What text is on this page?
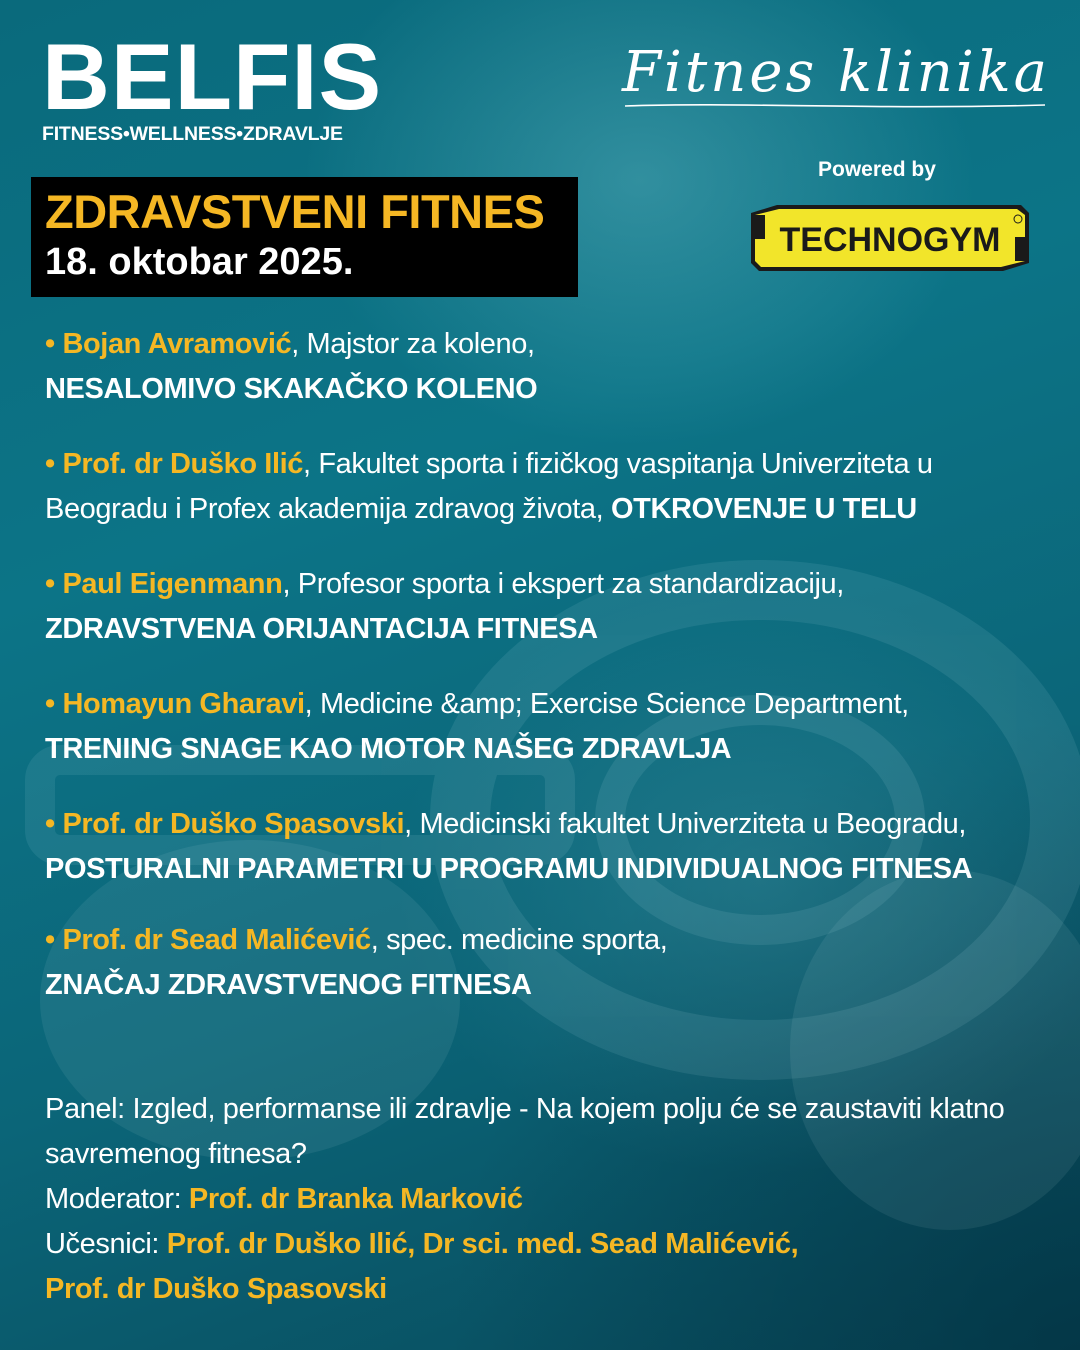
BELFIS
FITNESS•WELLNESS•ZDRAVLJE
Fitnes klinika
Powered by
TECHNOGYM
ZDRAVSTVENI FITNES
18. oktobar 2025.
• Bojan Avramović, Majstor za koleno,
NESALOMIVO SKAKAČKO KOLENO
• Prof. dr Duško Ilić, Fakultet sporta i fizičkog vaspitanja Univerziteta u Beogradu i Profex akademija zdravog života, OTKROVENJE U TELU
• Paul Eigenmann, Profesor sporta i ekspert za standardizaciju,
ZDRAVSTVENA ORIJANTACIJA FITNESA
• Homayun Gharavi, Medicine &amp; Exercise Science Department,
TRENING SNAGE KAO MOTOR NAŠEG ZDRAVLJA
• Prof. dr Duško Spasovski, Medicinski fakultet Univerziteta u Beogradu, POSTURALNI PARAMETRI U PROGRAMU INDIVIDUALNOG FITNESA
• Prof. dr Sead Malićević, spec. medicine sporta,
ZNAČAJ ZDRAVSTVENOG FITNESA
Panel: Izgled, performanse ili zdravlje - Na kojem polju će se zaustaviti klatno savremenog fitnesa?
Moderator: Prof. dr Branka Marković
Učesnici: Prof. dr Duško Ilić, Dr sci. med. Sead Malićević,
Prof. dr Duško Spasovski
